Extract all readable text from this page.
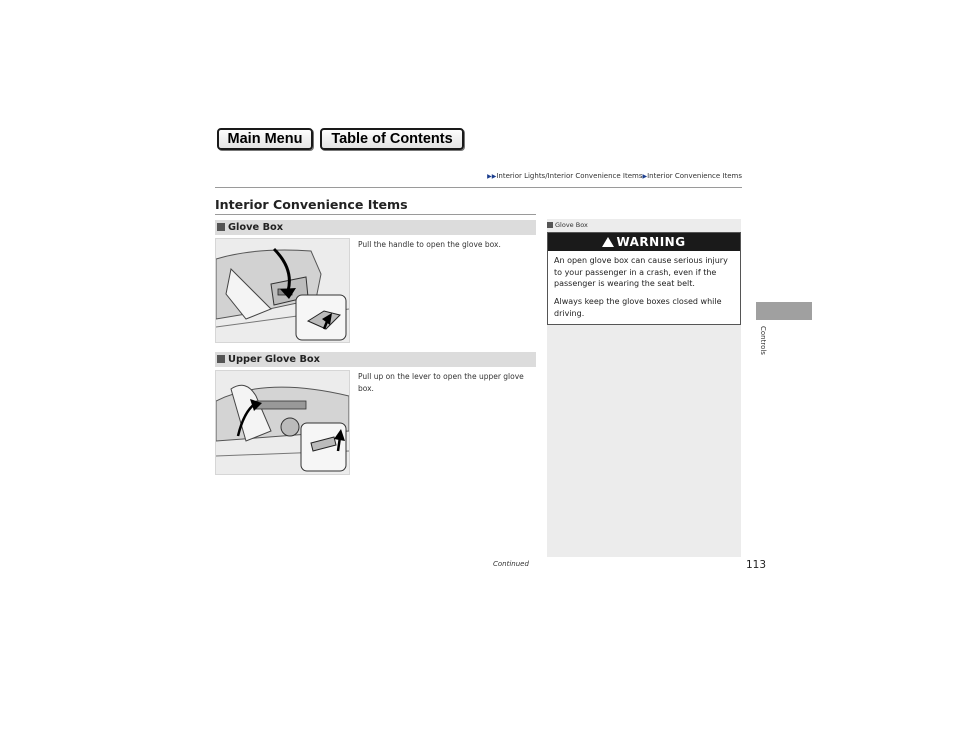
Main Menu	Table of Contents
▶▶Interior Lights/Interior Convenience Items▶Interior Convenience Items
Interior Convenience Items
Glove Box
Pull the handle to open the glove box.
Upper Glove Box
Pull up on the lever to open the upper glove box.
Glove Box
WARNING
An open glove box can cause serious injury to your passenger in a crash, even if the passenger is wearing the seat belt.
Always keep the glove boxes closed while driving.
Controls
Continued	113
